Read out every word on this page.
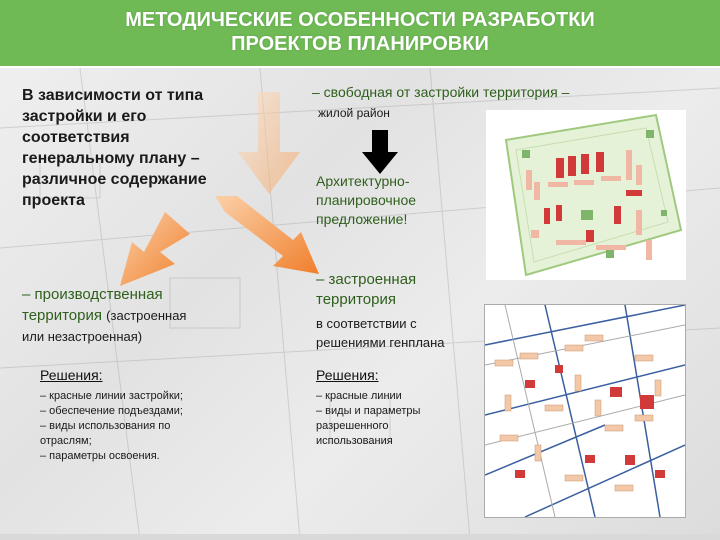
МЕТОДИЧЕСКИЕ ОСОБЕННОСТИ РАЗРАБОТКИ
ПРОЕКТОВ ПЛАНИРОВКИ
В зависимости от типа
застройки и его
соответствия
генеральному плану –
различное содержание
проекта
– свободная от застройки территория –
жилой район
Архитектурно-
планировочное
предложение!
– производственная
территория (застроенная
или незастроенная)
– застроенная
территория
в соответствии с
решениями генплана
Решения:
– красные линии застройки;
– обеспечение подъездами;
– виды использования по
отраслям;
– параметры освоения.
Решения:
– красные линии
– виды и параметры
разрешенного
использования
